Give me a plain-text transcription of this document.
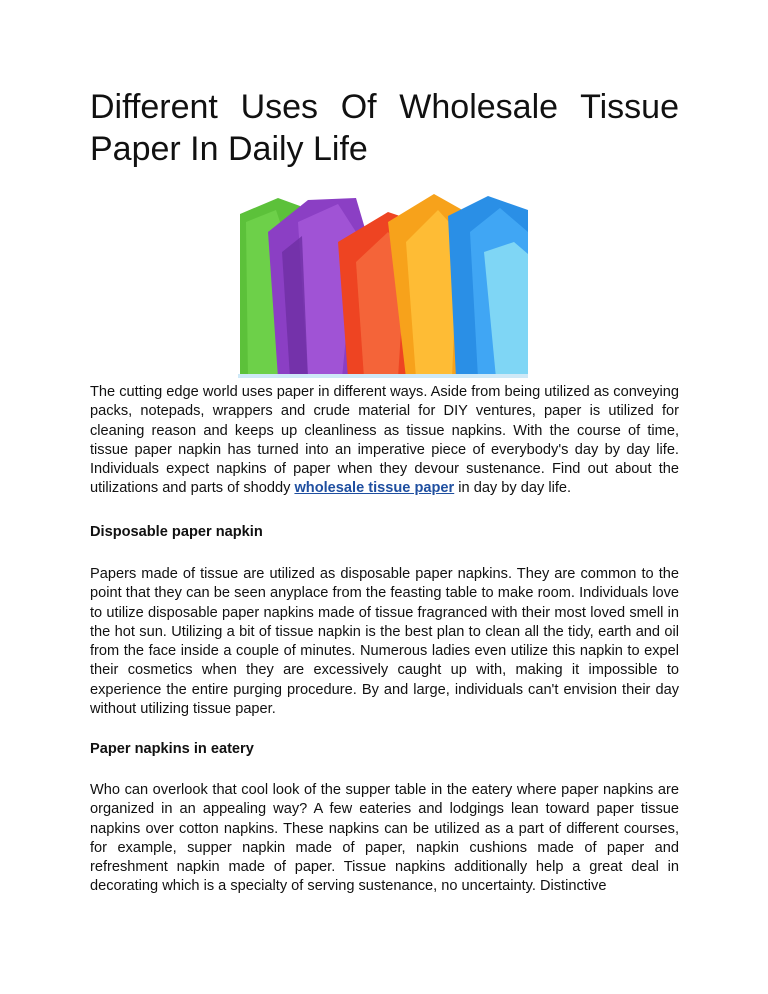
Different Uses Of Wholesale Tissue Paper In Daily Life

The cutting edge world uses paper in different ways. Aside from being utilized as conveying packs, notepads, wrappers and crude material for DIY ventures, paper is utilized for cleaning reason and keeps up cleanliness as tissue napkins. With the course of time, tissue paper napkin has turned into an imperative piece of everybody's day by day life. Individuals expect napkins of paper when they devour sustenance. Find out about the utilizations and parts of shoddy wholesale tissue paper in day by day life.

Disposable paper napkin

Papers made of tissue are utilized as disposable paper napkins. They are common to the point that they can be seen anyplace from the feasting table to make room. Individuals love to utilize disposable paper napkins made of tissue fragranced with their most loved smell in the hot sun. Utilizing a bit of tissue napkin is the best plan to clean all the tidy, earth and oil from the face inside a couple of minutes. Numerous ladies even utilize this napkin to expel their cosmetics when they are excessively caught up with, making it impossible to experience the entire purging procedure. By and large, individuals can't envision their day without utilizing tissue paper.

Paper napkins in eatery

Who can overlook that cool look of the supper table in the eatery where paper napkins are organized in an appealing way? A few eateries and lodgings lean toward paper tissue napkins over cotton napkins. These napkins can be utilized as a part of different courses, for example, supper napkin made of paper, napkin cushions made of paper and refreshment napkin made of paper. Tissue napkins additionally help a great deal in decorating which is a specialty of serving sustenance, no uncertainty. Distinctive
